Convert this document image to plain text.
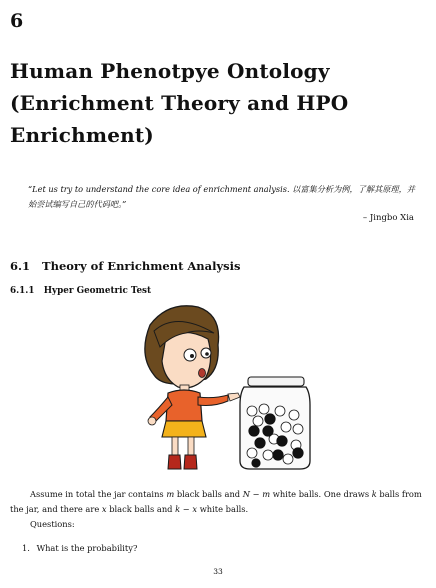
6
Human Phenotpye Ontology (Enrichment Theory and HPO Enrichment)
“Let us try to understand the core idea of enrichment analysis. 以富集分析为例，了解其原理，并始尝试编写自己的代码吧。”
– Jingbo Xia
6.1 Theory of Enrichment Analysis
6.1.1 Hyper Geometric Test
Assume in total the jar contains m black balls and N − m white balls. One draws k balls from the jar, and there are x black balls and k − x white balls.
Questions:
1. What is the probability?
33
